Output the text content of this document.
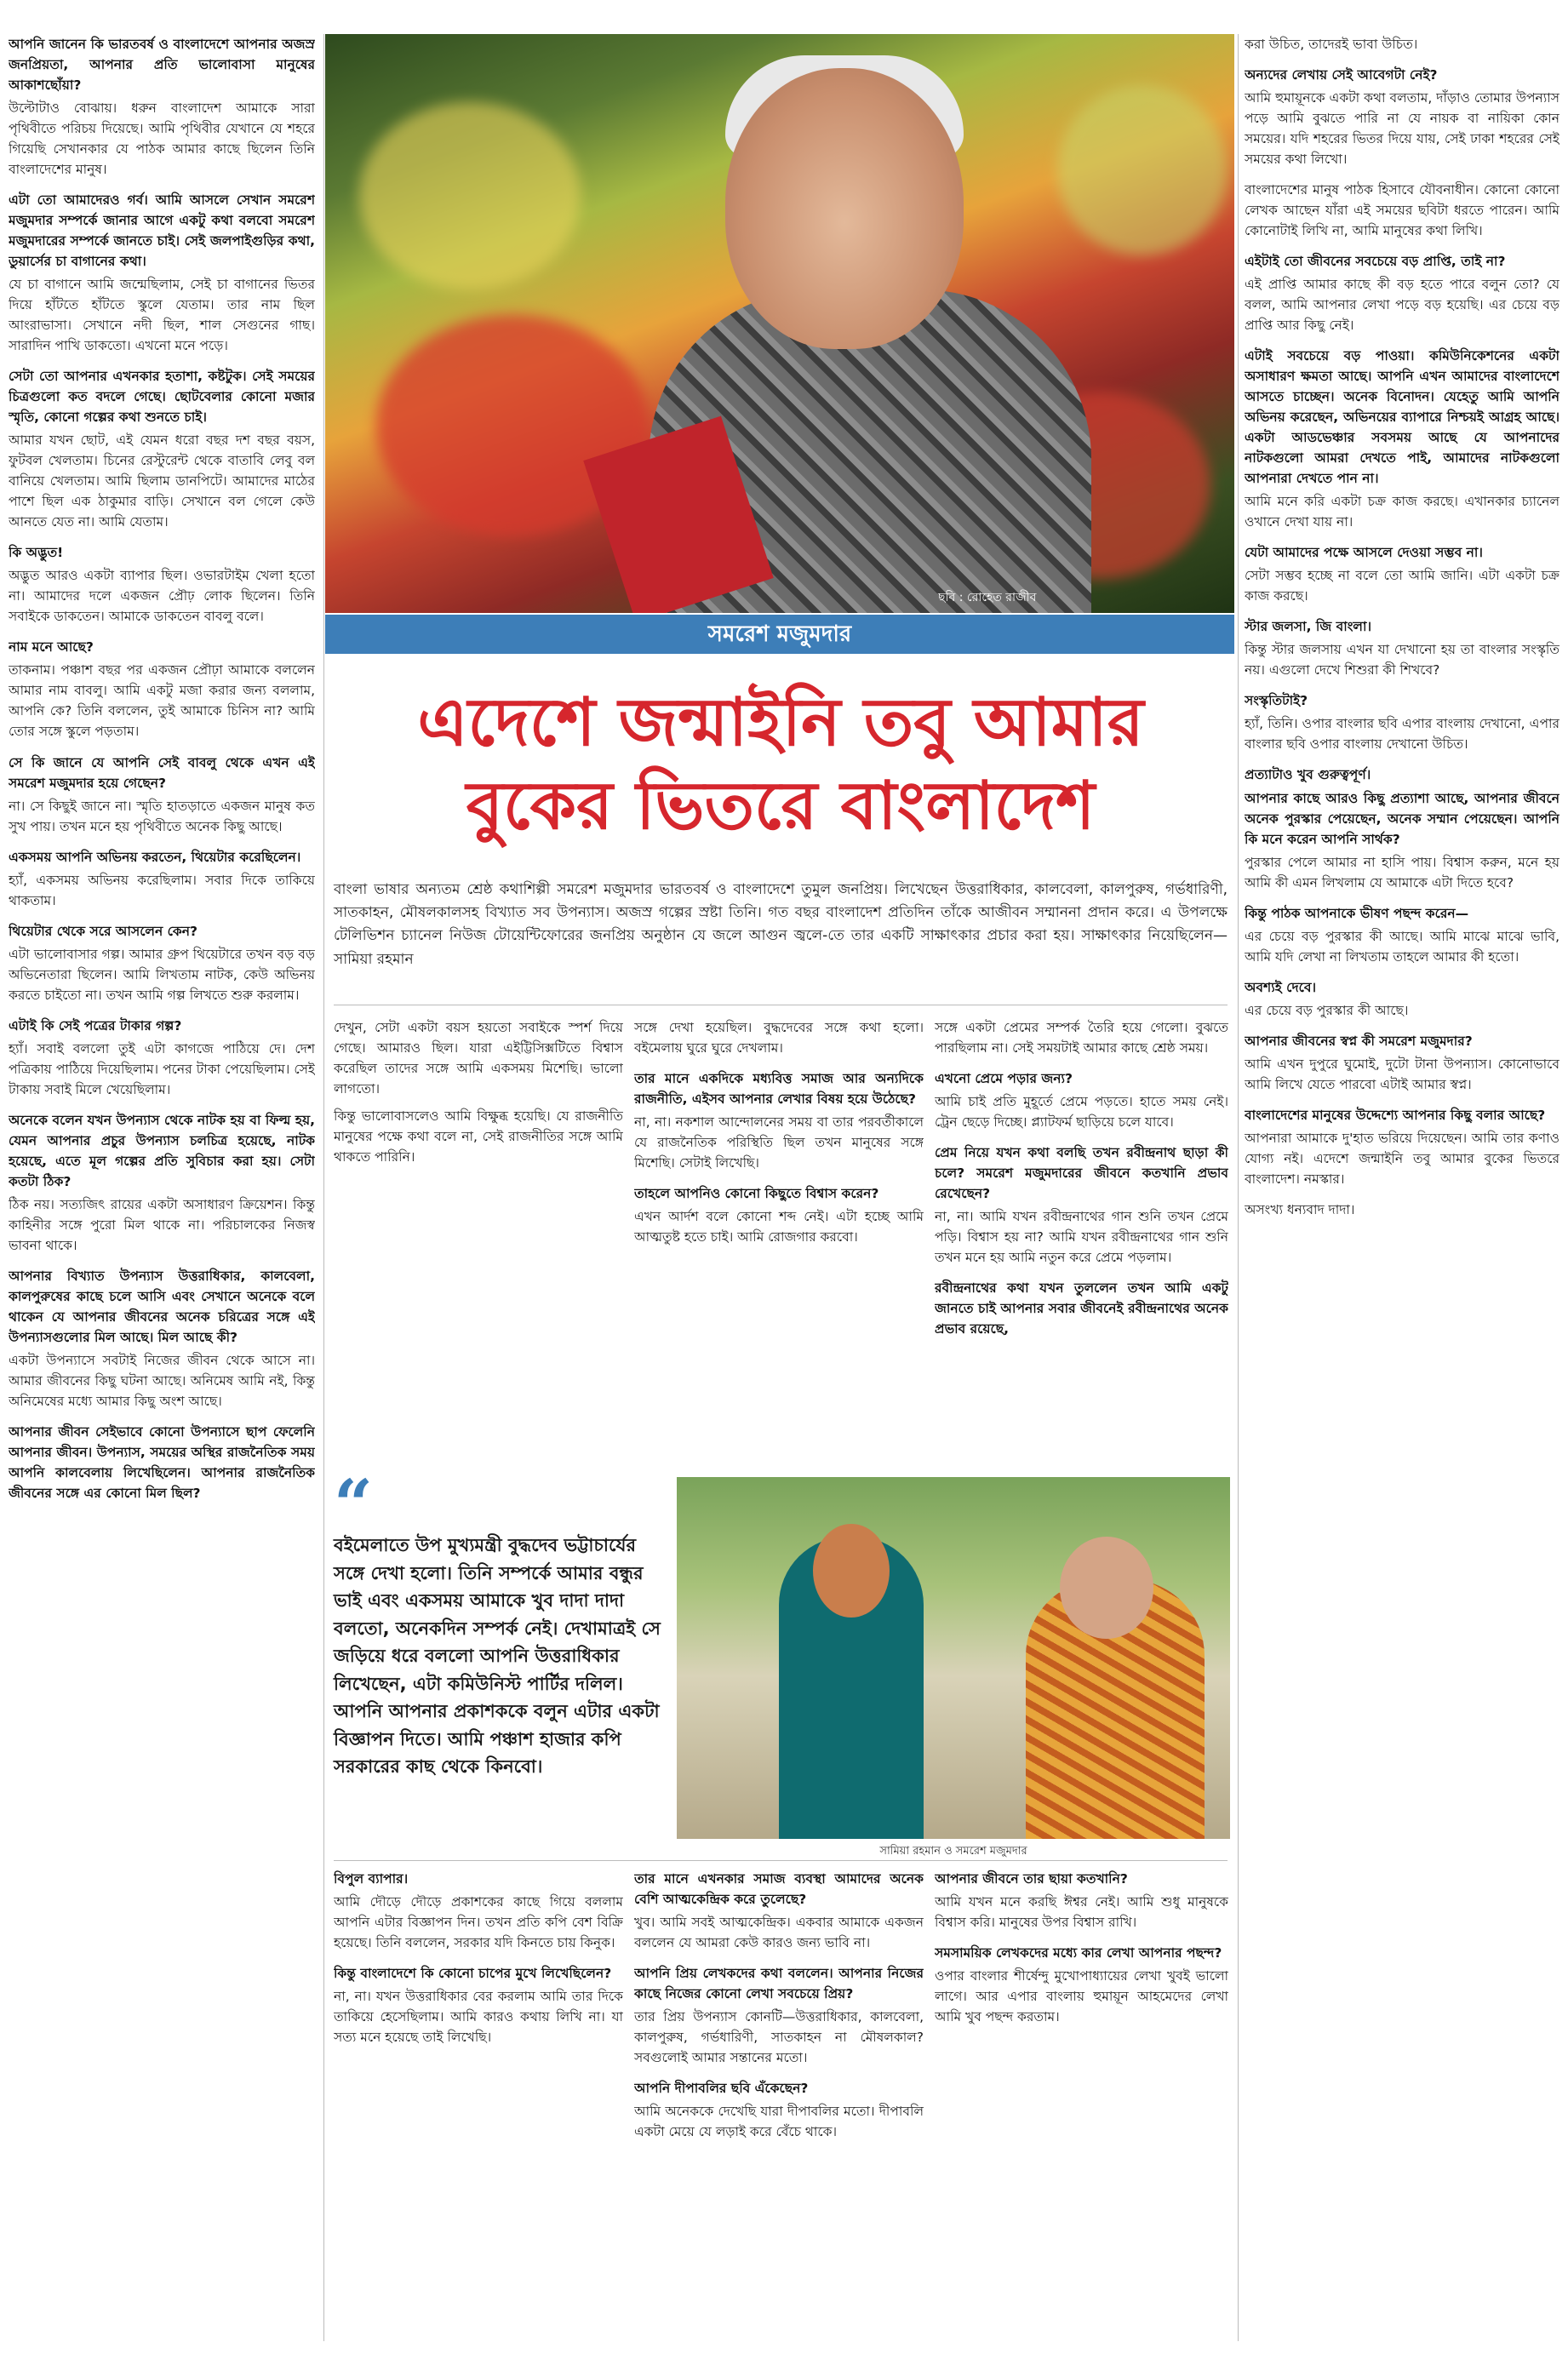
ছবি : রোহেত রাজীব
সমরেশ মজুমদার
এদেশে জন্মাইনি তবু আমার
বুকের ভিতরে বাংলাদেশ
বাংলা ভাষার অন্যতম শ্রেষ্ঠ কথাশিল্পী সমরেশ মজুমদার ভারতবর্ষ ও বাংলাদেশে তুমুল জনপ্রিয়। লিখেছেন উত্তরাধিকার, কালবেলা, কালপুরুষ, গর্ভধারিণী, সাতকাহন, মৌষলকালসহ বিখ্যাত সব উপন্যাস। অজস্র গল্পের স্রষ্টা তিনি। গত বছর বাংলাদেশ প্রতিদিন তাঁকে আজীবন সম্মাননা প্রদান করে। এ উপলক্ষে টেলিভিশন চ্যানেল নিউজ টোয়েন্টিফোরের জনপ্রিয় অনুষ্ঠান যে জলে আগুন জ্বলে-তে তার একটি সাক্ষাৎকার প্রচার করা হয়। সাক্ষাৎকার নিয়েছিলেন—সামিয়া রহমান

আপনি জানেন কি ভারতবর্ষ ও বাংলাদেশে আপনার অজস্র জনপ্রিয়তা, আপনার প্রতি ভালোবাসা মানুষের আকাশছোঁয়া?

উল্টোটাও বোঝায়। ধরুন বাংলাদেশ আমাকে সারা পৃথিবীতে পরিচয় দিয়েছে। আমি পৃথিবীর যেখানে যে শহরে গিয়েছি সেখানকার যে পাঠক আমার কাছে ছিলেন তিনি বাংলাদেশের মানুষ।

এটা তো আমাদেরও গর্ব। আমি আসলে সেখান সমরেশ মজুমদার সম্পর্কে জানার আগে একটু কথা বলবো সমরেশ মজুমদারের সম্পর্কে জানতে চাই। সেই জলপাইগুড়ির কথা, ডুয়ার্সের চা বাগানের কথা।

যে চা বাগানে আমি জন্মেছিলাম, সেই চা বাগানের ভিতর দিয়ে হাঁটতে হাঁটতে স্কুলে যেতাম। তার নাম ছিল আংরাভাসা। সেখানে নদী ছিল, শাল সেগুনের গাছ। সারাদিন পাখি ডাকতো। এখনো মনে পড়ে।

সেটা তো আপনার এখনকার হতাশা, কষ্টটুক। সেই সময়ের চিত্রগুলো কত বদলে গেছে। ছোটবেলার কোনো মজার স্মৃতি, কোনো গল্পের কথা শুনতে চাই।

আমার যখন ছোট, এই যেমন ধরো বছর দশ বছর বয়স, ফুটবল খেলতাম। চিনের রেস্টুরেন্ট থেকে বাতাবি লেবু বল বানিয়ে খেলতাম। আমি ছিলাম ডানপিটে। আমাদের মাঠের পাশে ছিল এক ঠাকুমার বাড়ি। সেখানে বল গেলে কেউ আনতে যেত না। আমি যেতাম।

কি অদ্ভুত!

অদ্ভুত আরও একটা ব্যাপার ছিল। ওভারটাইম খেলা হতো না। আমাদের দলে একজন প্রৌঢ় লোক ছিলেন। তিনি সবাইকে ডাকতেন। আমাকে ডাকতেন বাবলু বলে।

নাম মনে আছে?

তাকনাম। পঞ্চাশ বছর পর একজন প্রৌঢ়া আমাকে বললেন আমার নাম বাবলু। আমি একটু মজা করার জন্য বললাম, আপনি কে? তিনি বললেন, তুই আমাকে চিনিস না? আমি তোর সঙ্গে স্কুলে পড়তাম।

সে কি জানে যে আপনি সেই বাবলু থেকে এখন এই সমরেশ মজুমদার হয়ে গেছেন?

না। সে কিছুই জানে না। স্মৃতি হাতড়াতে একজন মানুষ কত সুখ পায়। তখন মনে হয় পৃথিবীতে অনেক কিছু আছে।

একসময় আপনি অভিনয় করতেন, থিয়েটার করেছিলেন।

হ্যাঁ, একসময় অভিনয় করেছিলাম। সবার দিকে তাকিয়ে থাকতাম।

থিয়েটার থেকে সরে আসলেন কেন?

এটা ভালোবাসার গল্প। আমার গ্রুপ থিয়েটারে তখন বড় বড় অভিনেতারা ছিলেন। আমি লিখতাম নাটক, কেউ অভিনয় করতে চাইতো না। তখন আমি গল্প লিখতে শুরু করলাম।

এটাই কি সেই পত্রের টাকার গল্প?

হ্যাঁ। সবাই বললো তুই এটা কাগজে পাঠিয়ে দে। দেশ পত্রিকায় পাঠিয়ে দিয়েছিলাম। পনের টাকা পেয়েছিলাম। সেই টাকায় সবাই মিলে খেয়েছিলাম।

অনেকে বলেন যখন উপন্যাস থেকে নাটক হয় বা ফিল্ম হয়, যেমন আপনার প্রচুর উপন্যাস চলচিত্র হয়েছে, নাটক হয়েছে, এতে মূল গল্পের প্রতি সুবিচার করা হয়। সেটা কতটা ঠিক?

ঠিক নয়। সত্যজিৎ রায়ের একটা অসাধারণ ক্রিয়েশন। কিন্তু কাহিনীর সঙ্গে পুরো মিল থাকে না। পরিচালকের নিজস্ব ভাবনা থাকে।

আপনার বিখ্যাত উপন্যাস উত্তরাধিকার, কালবেলা, কালপুরুষের কাছে চলে আসি এবং সেখানে অনেকে বলে থাকেন যে আপনার জীবনের অনেক চরিত্রের সঙ্গে এই উপন্যাসগুলোর মিল আছে। মিল আছে কী?

একটা উপন্যাসে সবটাই নিজের জীবন থেকে আসে না। আমার জীবনের কিছু ঘটনা আছে। অনিমেষ আমি নই, কিন্তু অনিমেষের মধ্যে আমার কিছু অংশ আছে।

আপনার জীবন সেইভাবে কোনো উপন্যাসে ছাপ ফেলেনি আপনার জীবন। উপন্যাস, সময়ের অস্থির রাজনৈতিক সময় আপনি কালবেলায় লিখেছিলেন। আপনার রাজনৈতিক জীবনের সঙ্গে এর কোনো মিল ছিল?

করা উচিত, তাদেরই ভাবা উচিত।

অন্যদের লেখায় সেই আবেগটা নেই?

আমি হুমায়ূনকে একটা কথা বলতাম, দাঁড়াও তোমার উপন্যাস পড়ে আমি বুঝতে পারি না যে নায়ক বা নায়িকা কোন সময়ের। যদি শহরের ভিতর দিয়ে যায়, সেই ঢাকা শহরের সেই সময়ের কথা লিখো।

বাংলাদেশের মানুষ পাঠক হিসাবে যৌবনাধীন। কোনো কোনো লেখক আছেন যাঁরা এই সময়ের ছবিটা ধরতে পারেন। আমি কোনোটাই লিখি না, আমি মানুষের কথা লিখি।

এইটাই তো জীবনের সবচেয়ে বড় প্রাপ্তি, তাই না?

এই প্রাপ্তি আমার কাছে কী বড় হতে পারে বলুন তো? যে বলল, আমি আপনার লেখা পড়ে বড় হয়েছি। এর চেয়ে বড় প্রাপ্তি আর কিছু নেই।

এটাই সবচেয়ে বড় পাওয়া। কমিউনিকেশনের একটা অসাধারণ ক্ষমতা আছে। আপনি এখন আমাদের বাংলাদেশে আসতে চাচ্ছেন। অনেক বিনোদন। যেহেতু আমি আপনি অভিনয় করেছেন, অভিনয়ের ব্যাপারে নিশ্চয়ই আগ্রহ আছে। একটা আডভেঞ্চার সবসময় আছে যে আপনাদের নাটকগুলো আমরা দেখতে পাই, আমাদের নাটকগুলো আপনারা দেখতে পান না।

আমি মনে করি একটা চক্র কাজ করছে। এখানকার চ্যানেল ওখানে দেখা যায় না।

যেটা আমাদের পক্ষে আসলে দেওয়া সম্ভব না।

সেটা সম্ভব হচ্ছে না বলে তো আমি জানি। এটা একটা চক্র কাজ করছে।

স্টার জলসা, জি বাংলা।

কিন্তু স্টার জলসায় এখন যা দেখানো হয় তা বাংলার সংস্কৃতি নয়। এগুলো দেখে শিশুরা কী শিখবে?

সংস্কৃতিটাই?

হ্যাঁ, তিনি। ওপার বাংলার ছবি এপার বাংলায় দেখানো, এপার বাংলার ছবি ওপার বাংলায় দেখানো উচিত।

প্রত্যাটাও খুব গুরুত্বপূর্ণ।

আপনার কাছে আরও কিছু প্রত্যাশা আছে, আপনার জীবনে অনেক পুরস্কার পেয়েছেন, অনেক সম্মান পেয়েছেন। আপনি কি মনে করেন আপনি সার্থক?

পুরস্কার পেলে আমার না হাসি পায়। বিশ্বাস করুন, মনে হয় আমি কী এমন লিখলাম যে আমাকে এটা দিতে হবে?

কিন্তু পাঠক আপনাকে ভীষণ পছন্দ করেন—

এর চেয়ে বড় পুরস্কার কী আছে। আমি মাঝে মাঝে ভাবি, আমি যদি লেখা না লিখতাম তাহলে আমার কী হতো।

অবশ্যই দেবে।

এর চেয়ে বড় পুরস্কার কী আছে।

আপনার জীবনের স্বপ্ন কী সমরেশ মজুমদার?

আমি এখন দুপুরে ঘুমোই, দুটো টানা উপন্যাস। কোনোভাবে আমি লিখে যেতে পারবো এটাই আমার স্বপ্ন।

বাংলাদেশের মানুষের উদ্দেশ্যে আপনার কিছু বলার আছে?

আপনারা আমাকে দু'হাত ভরিয়ে দিয়েছেন। আমি তার কণাও যোগ্য নই। এদেশে জন্মাইনি তবু আমার বুকের ভিতরে বাংলাদেশ। নমস্কার।

অসংখ্য ধন্যবাদ দাদা।

দেখুন, সেটা একটা বয়স হয়তো সবাইকে স্পর্শ দিয়ে গেছে। আমারও ছিল। যারা এইট্টিসিক্সটিতে বিশ্বাস করেছিল তাদের সঙ্গে আমি একসময় মিশেছি। ভালো লাগতো।

কিন্তু ভালোবাসলেও আমি বিক্ষুব্ধ হয়েছি। যে রাজনীতি মানুষের পক্ষে কথা বলে না, সেই রাজনীতির সঙ্গে আমি থাকতে পারিনি।

সঙ্গে দেখা হয়েছিল। বুদ্ধদেবের সঙ্গে কথা হলো। বইমেলায় ঘুরে ঘুরে দেখলাম।

তার মানে একদিকে মধ্যবিত্ত সমাজ আর অন্যদিকে রাজনীতি, এইসব আপনার লেখার বিষয় হয়ে উঠেছে?

না, না। নকশাল আন্দোলনের সময় বা তার পরবর্তীকালে যে রাজনৈতিক পরিস্থিতি ছিল তখন মানুষের সঙ্গে মিশেছি। সেটাই লিখেছি।

তাহলে আপনিও কোনো কিছুতে বিশ্বাস করেন?

এখন আর্দশ বলে কোনো শব্দ নেই। এটা হচ্ছে আমি আত্মতুষ্ট হতে চাই। আমি রোজগার করবো।

সঙ্গে একটা প্রেমের সম্পর্ক তৈরি হয়ে গেলো। বুঝতে পারছিলাম না। সেই সময়টাই আমার কাছে শ্রেষ্ঠ সময়।

এখনো প্রেমে পড়ার জন্য?

আমি চাই প্রতি মুহূর্তে প্রেমে পড়তে। হাতে সময় নেই। ট্রেন ছেড়ে দিচ্ছে। প্ল্যাটফর্ম ছাড়িয়ে চলে যাবে।

প্রেম নিয়ে যখন কথা বলছি তখন রবীন্দ্রনাথ ছাড়া কী চলে? সমরেশ মজুমদারের জীবনে কতখানি প্রভাব রেখেছেন?

না, না। আমি যখন রবীন্দ্রনাথের গান শুনি তখন প্রেমে পড়ি। বিশ্বাস হয় না? আমি যখন রবীন্দ্রনাথের গান শুনি তখন মনে হয় আমি নতুন করে প্রেমে পড়লাম।

রবীন্দ্রনাথের কথা যখন তুললেন তখন আমি একটু জানতে চাই আপনার সবার জীবনেই রবীন্দ্রনাথের অনেক প্রভাব রয়েছে,

“
বইমেলাতে উপ মুখ্যমন্ত্রী বুদ্ধদেব ভট্টাচার্যের সঙ্গে দেখা হলো। তিনি সম্পর্কে আমার বন্ধুর ভাই এবং একসময় আমাকে খুব দাদা দাদা বলতো, অনেকদিন সম্পর্ক নেই। দেখামাত্রই সে জড়িয়ে ধরে বললো আপনি উত্তরাধিকার লিখেছেন, এটা কমিউনিস্ট পার্টির দলিল। আপনি আপনার প্রকাশককে বলুন এটার একটা বিজ্ঞাপন দিতে। আমি পঞ্চাশ হাজার কপি সরকারের কাছ থেকে কিনবো।
সামিয়া রহমান ও সমরেশ মজুমদার

বিপুল ব্যাপার।

আমি দৌড়ে দৌড়ে প্রকাশকের কাছে গিয়ে বললাম আপনি এটার বিজ্ঞাপন দিন। তখন প্রতি কপি বেশ বিক্রি হয়েছে। তিনি বললেন, সরকার যদি কিনতে চায় কিনুক।

কিন্তু বাংলাদেশে কি কোনো চাপের মুখে লিখেছিলেন?

না, না। যখন উত্তরাধিকার বের করলাম আমি তার দিকে তাকিয়ে হেসেছিলাম। আমি কারও কথায় লিখি না। যা সত্য মনে হয়েছে তাই লিখেছি।

তার মানে এখনকার সমাজ ব্যবস্থা আমাদের অনেক বেশি আত্মকেন্দ্রিক করে তুলেছে?

খুব। আমি সবই আত্মকেন্দ্রিক। একবার আমাকে একজন বললেন যে আমরা কেউ কারও জন্য ভাবি না।

আপনি প্রিয় লেখকদের কথা বললেন। আপনার নিজের কাছে নিজের কোনো লেখা সবচেয়ে প্রিয়?

তার প্রিয় উপন্যাস কোনটি—উত্তরাধিকার, কালবেলা, কালপুরুষ, গর্ভধারিণী, সাতকাহন না মৌষলকাল? সবগুলোই আমার সন্তানের মতো।

আপনি দীপাবলির ছবি এঁকেছেন?

আমি অনেককে দেখেছি যারা দীপাবলির মতো। দীপাবলি একটা মেয়ে যে লড়াই করে বেঁচে থাকে।

আপনার জীবনে তার ছায়া কতখানি?

আমি যখন মনে করছি ঈশ্বর নেই। আমি শুধু মানুষকে বিশ্বাস করি। মানুষের উপর বিশ্বাস রাখি।

সমসাময়িক লেখকদের মধ্যে কার লেখা আপনার পছন্দ?

ওপার বাংলার শীর্ষেন্দু মুখোপাধ্যায়ের লেখা খুবই ভালো লাগে। আর এপার বাংলায় হুমায়ূন আহমেদের লেখা আমি খুব পছন্দ করতাম।
